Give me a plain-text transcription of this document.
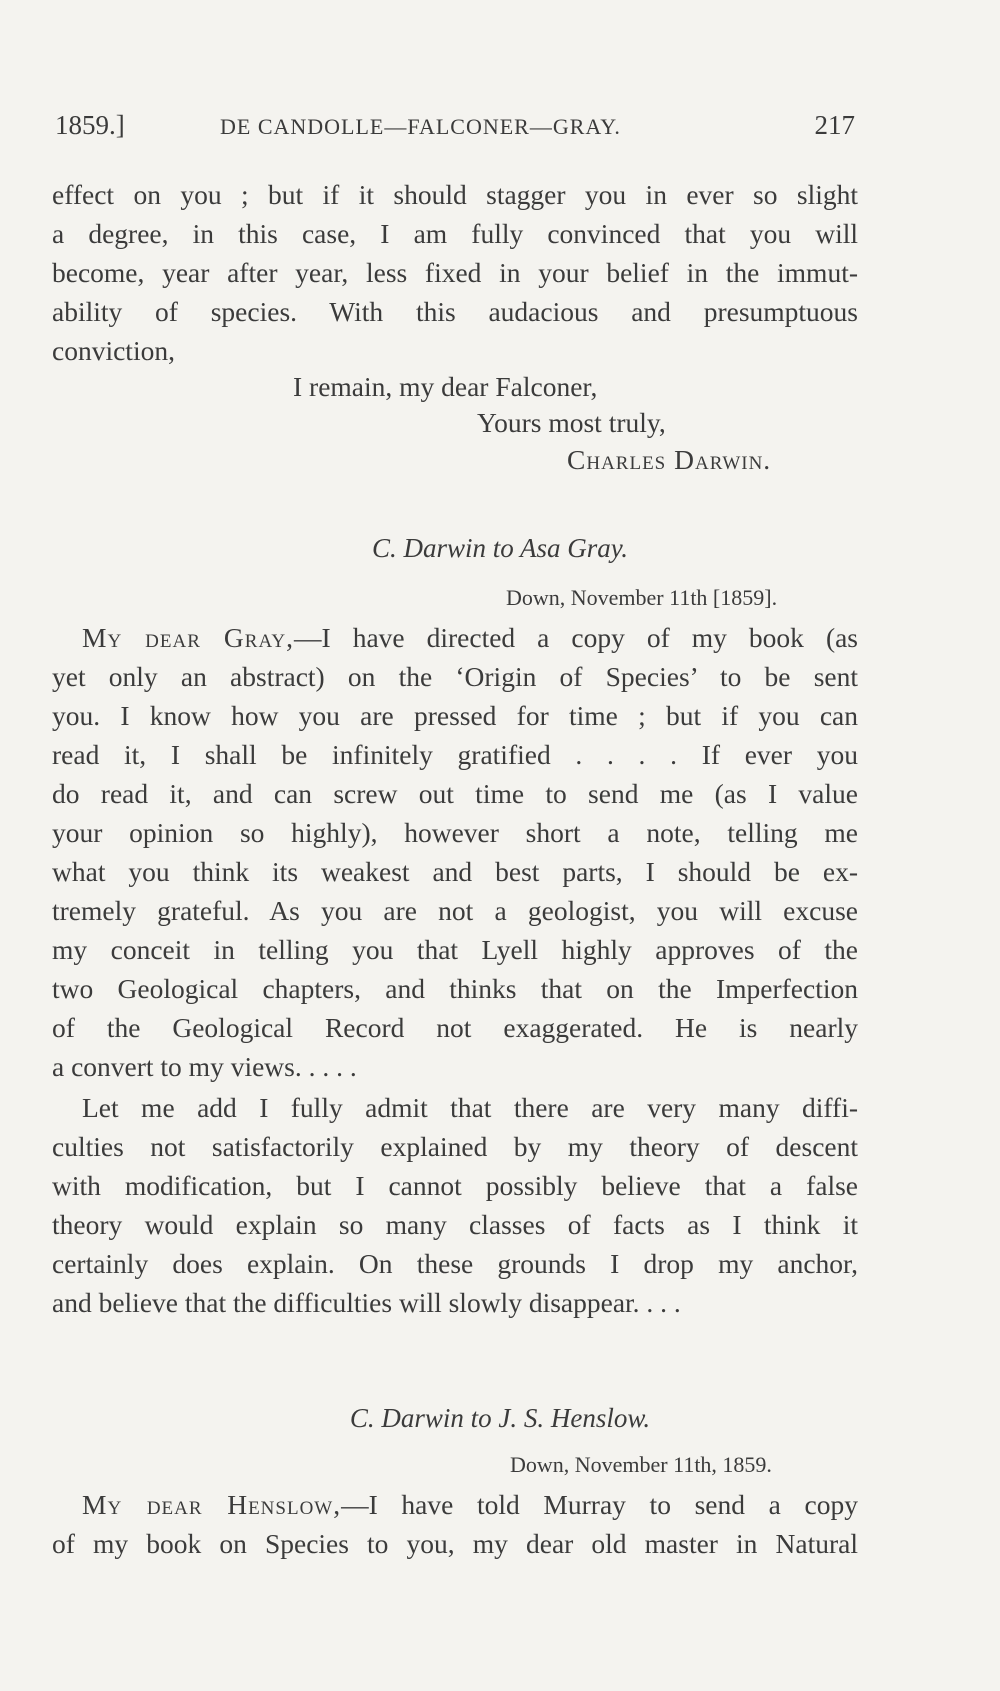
1859.]	DE CANDOLLE—FALCONER—GRAY.	217

effect on you ; but if it should stagger you in ever so slight

a degree, in this case, I am fully convinced that you will

become, year after year, less fixed in your belief in the immut-

ability of species. With this audacious and presumptuous

conviction,

I remain, my dear Falconer,

Yours most truly,

Charles Darwin.

C. Darwin to Asa Gray.

Down, November 11th [1859].

My dear Gray,—I have directed a copy of my book (as

yet only an abstract) on the ‘Origin of Species’ to be sent

you. I know how you are pressed for time ; but if you can

read it, I shall be infinitely gratified . . . . If ever you

do read it, and can screw out time to send me (as I value

your opinion so highly), however short a note, telling me

what you think its weakest and best parts, I should be ex-

tremely grateful. As you are not a geologist, you will excuse

my conceit in telling you that Lyell highly approves of the

two Geological chapters, and thinks that on the Imperfection

of the Geological Record not exaggerated. He is nearly

a convert to my views. . . . .

Let me add I fully admit that there are very many diffi-

culties not satisfactorily explained by my theory of descent

with modification, but I cannot possibly believe that a false

theory would explain so many classes of facts as I think it

certainly does explain. On these grounds I drop my anchor,

and believe that the difficulties will slowly disappear. . . .

C. Darwin to J. S. Henslow.

Down, November 11th, 1859.

My dear Henslow,—I have told Murray to send a copy

of my book on Species to you, my dear old master in Natural
